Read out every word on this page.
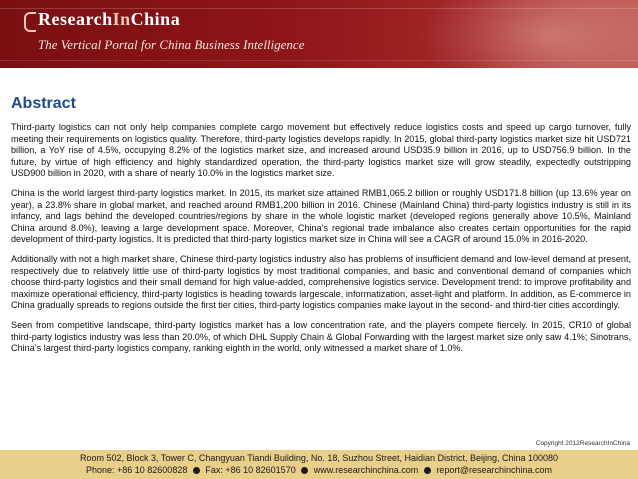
ResearchInChina
The Vertical Portal for China Business Intelligence
Abstract

Third-party logistics can not only help companies complete cargo movement but effectively reduce logistics costs and speed up cargo turnover, fully meeting their requirements on logistics quality. Therefore, third-party logistics develops rapidly. In 2015, global third-party logistics market size hit USD721 billion, a YoY rise of 4.5%, occupying 8.2% of the logistics market size, and increased around USD35.9 billion in 2016, up to USD756.9 billion. In the future, by virtue of high efficiency and highly standardized operation, the third-party logistics market size will grow steadily, expectedly outstripping USD900 billion in 2020, with a share of nearly 10.0% in the logistics market size.

China is the world largest third-party logistics market. In 2015, its market size attained RMB1,065.2 billion or roughly USD171.8 billion (up 13.6% year on year), a 23.8% share in global market, and reached around RMB1,200 billion in 2016. Chinese (Mainland China) third-party logistics industry is still in its infancy, and lags behind the developed countries/regions by share in the whole logistic market (developed regions generally above 10.5%, Mainland China around 8.0%), leaving a large development space. Moreover, China’s regional trade imbalance also creates certain opportunities for the rapid development of third-party logistics. It is predicted that third-party logistics market size in China will see a CAGR of around 15.0% in 2016-2020.

Additionally with not a high market share, Chinese third-party logistics industry also has problems of insufficient demand and low-level demand at present, respectively due to relatively little use of third-party logistics by most traditional companies, and basic and conventional demand of companies which choose third-party logistics and their small demand for high value-added, comprehensive logistics service. Development trend: to improve profitability and maximize operational efficiency, third-party logistics is heading towards largescale, informatization, asset-light and platform. In addition, as E-commerce in China gradually spreads to regions outside the first tier cities, third-party logistics companies make layout in the second- and third-tier cities accordingly.

Seen from competitive landscape, third-party logistics market has a low concentration rate, and the players compete fiercely. In 2015, CR10 of global third-party logistics industry was less than 20.0%, of which DHL Supply Chain & Global Forwarding with the largest market size only saw 4.1%; Sinotrans, China’s largest third-party logistics company, ranking eighth in the world, only witnessed a market share of 1.0%.

Copyright 2012ResearchInChina
Room 502, Block 3, Tower C, Changyuan Tiandi Building, No. 18, Suzhou Street, Haidian District, Beijing, China 100080
Phone: +86 10 82600828 Fax: +86 10 82601570 www.researchinchina.com report@researchinchina.com
